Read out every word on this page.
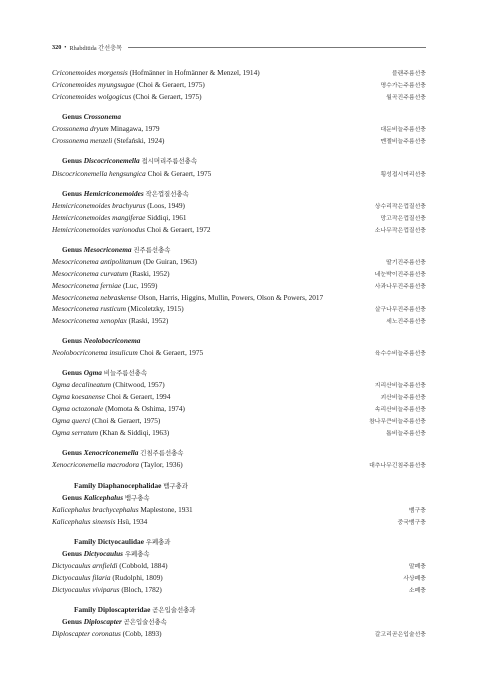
320 • Rhabditida 간선충목
Criconemoides morgensis (Hofmänner in Hofmänner & Menzel, 1914)	블랜주름선충
Criconemoides myungsugae (Choi & Geraert, 1975)	명수가는주름선충
Criconemoides wolgogicus (Choi & Geraert, 1975)	월곡진주름선충
Genus Crossonema
Crossonema dryum Minagawa, 1979	대둔비늘주름선충
Crossonema menzeli (Stefański, 1924)	멘젤비늘주름선충
Genus Discocriconemella 접시머리주름선충속
Discocriconemella hengsungica Choi & Geraert, 1975	횡성접시머리선충
Genus Hemicriconemoides 작은껍질선충속
Hemicriconemoides brachyurus (Loos, 1949)	상수리작은껍질선충
Hemicriconemoides mangiferae Siddiqi, 1961	망고작은껍질선충
Hemicriconemoides varionodus Choi & Geraert, 1972	소나무작은껍질선충
Genus Mesocriconema 진주름선충속
Mesocriconema antipolitanum (De Guiran, 1963)	딸기진주름선충
Mesocriconema curvatum (Raski, 1952)	네눈박이진주름선충
Mesocriconema ferniae (Luc, 1959)	사과나무진주름선충
Mesocriconema nebraskense Olson, Harris, Higgins, Mullin, Powers, Olson & Powers, 2017
Mesocriconema rusticum (Micoletzky, 1915)	살구나무진주름선충
Mesocriconema xenoplax (Raski, 1952)	세노진주름선충
Genus Neolobocriconema
Neolobocriconema insulicum Choi & Geraert, 1975	육수수비늘주름선충
Genus Ogma 비늘주름선충속
Ogma decalineatum (Chitwood, 1957)	지리산비늘주름선충
Ogma koesanense Choi & Geraert, 1994	괴산비늘주름선충
Ogma octozonale (Momota & Oshima, 1974)	속리산비늘주름선충
Ogma querci (Choi & Geraert, 1975)	참나무큰비늘주름선충
Ogma serratum (Khan & Siddiqi, 1963)	톱비늘주름선충
Genus Xenocriconemella 긴침주름선충속
Xenocriconemella macrodora (Taylor, 1936)	대추나무긴침주름선충
Family Diaphanocephalidae 뱀구충과
Genus Kalicephalus 뱀구충속
Kalicephalus brachycephalus Maplestone, 1931	뱀구충
Kalicephalus sinensis Hsü, 1934	중국뱀구충
Family Dictyocaulidae 우폐충과
Genus Dictyocaulus 우폐충속
Dictyocaulus arnfieldi (Cobbold, 1884)	말폐충
Dictyocaulus filaria (Rudolphi, 1809)	사상폐충
Dictyocaulus viviparus (Bloch, 1782)	소폐충
Family Diploscapteridae 곧은입술선충과
Genus Diploscapter 곧은입술선충속
Diploscapter coronatus (Cobb, 1893)	갈고리곧은입술선충
